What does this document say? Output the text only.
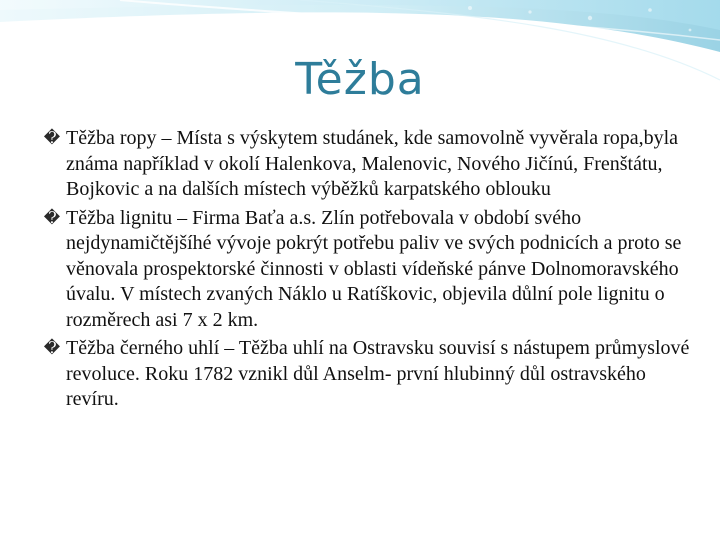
Těžba
� Těžba ropy – Místa s výskytem studánek, kde samovolně vyvěrala ropa,byla známa například v okolí Halenkova, Malenovic, Nového Jičínú, Frenštátu, Bojkovic a na dalších místech výběžků karpatského oblouku
� Těžba lignitu – Firma Baťa a.s. Zlín potřebovala v období svého nejdynamičtějšíhé vývoje pokrýt potřebu paliv ve svých podnicích a proto se věnovala prospektorské činnosti v oblasti vídeňské pánve Dolnomoravského úvalu. V místech zvaných Náklo u Ratíškovic, objevila důlní pole lignitu o rozměrech asi 7 x 2 km.
� Těžba černého uhlí – Těžba uhlí na Ostravsku souvisí s nástupem průmyslové revoluce. Roku 1782 vznikl důl Anselm- první hlubinný důl ostravského revíru.
